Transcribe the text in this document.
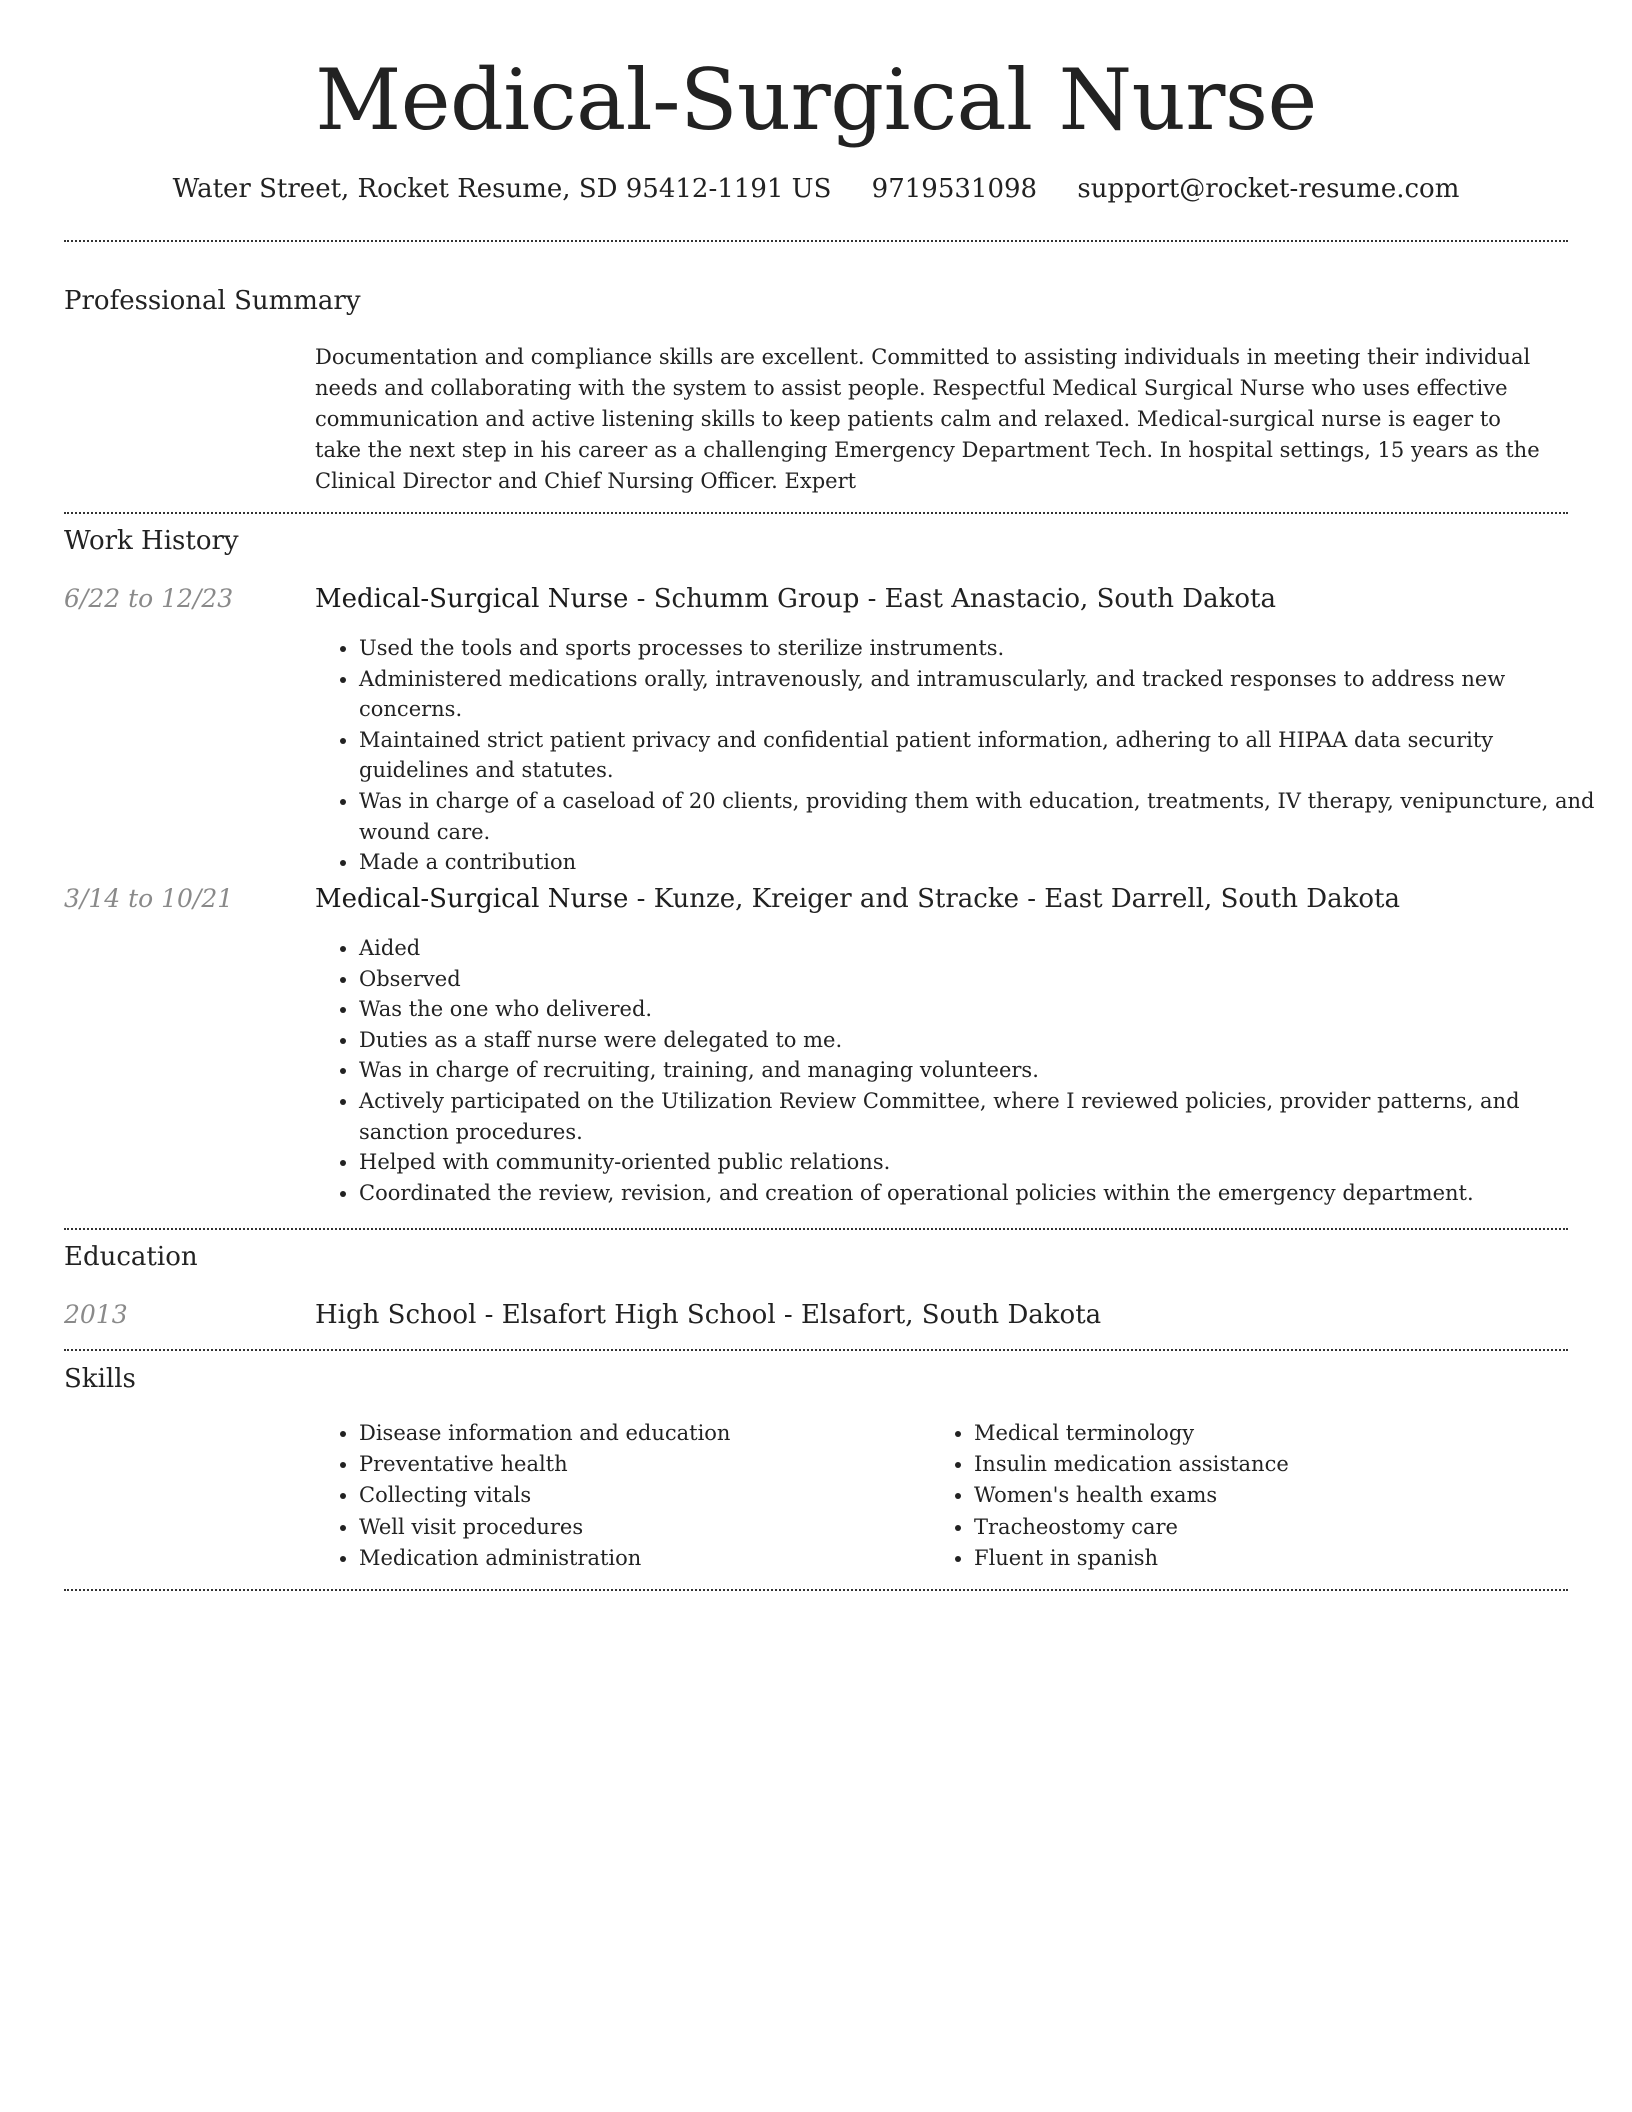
Medical-Surgical Nurse
Water Street, Rocket Resume, SD 95412-1191 US 9719531098 support@rocket-resume.com
Professional Summary

Documentation and compliance skills are excellent. Committed to assisting individuals in meeting their individual needs and collaborating with the system to assist people. Respectful Medical Surgical Nurse who uses effective communication and active listening skills to keep patients calm and relaxed. Medical-surgical nurse is eager to take the next step in his career as a challenging Emergency Department Tech. In hospital settings, 15 years as the Clinical Director and Chief Nursing Officer. Expert

Work History
6/22 to 12/23	Medical-Surgical Nurse - Schumm Group - East Anastacio, South Dakota
• Used the tools and sports processes to sterilize instruments.
• Administered medications orally, intravenously, and intramuscularly, and tracked responses to address new concerns.
• Maintained strict patient privacy and confidential patient information, adhering to all HIPAA data security guidelines and statutes.
• Was in charge of a caseload of 20 clients, providing them with education, treatments, IV therapy, venipuncture, and wound care.
• Made a contribution
3/14 to 10/21	Medical-Surgical Nurse - Kunze, Kreiger and Stracke - East Darrell, South Dakota
• Aided
• Observed
• Was the one who delivered.
• Duties as a staff nurse were delegated to me.
• Was in charge of recruiting, training, and managing volunteers.
• Actively participated on the Utilization Review Committee, where I reviewed policies, provider patterns, and sanction procedures.
• Helped with community-oriented public relations.
• Coordinated the review, revision, and creation of operational policies within the emergency department.
Education
2013	High School - Elsafort High School - Elsafort, South Dakota
Skills
• Disease information and education
• Preventative health
• Collecting vitals
• Well visit procedures
• Medication administration
• Medical terminology
• Insulin medication assistance
• Women's health exams
• Tracheostomy care
• Fluent in spanish
